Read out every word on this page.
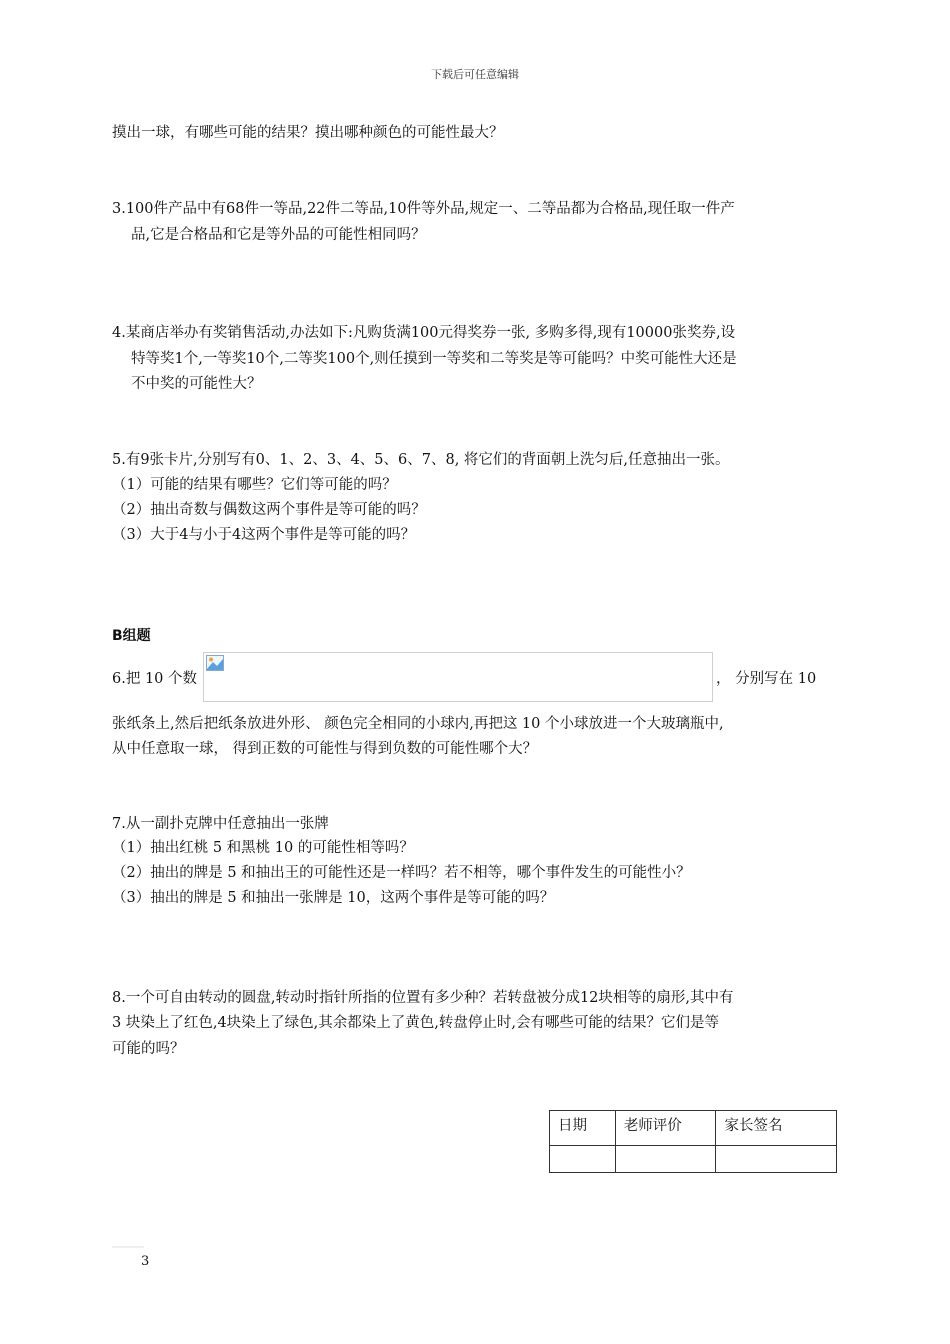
下载后可任意编辑
摸出一球，有哪些可能的结果？摸出哪种颜色的可能性最大？
3.100件产品中有68件一等品,22件二等品,10件等外品,规定一、二等品都为合格品,现任取一件产
品,它是合格品和它是等外品的可能性相同吗？
4.某商店举办有奖销售活动,办法如下:凡购货满100元得奖券一张, 多购多得,现有10000张奖券,设
特等奖1个,一等奖10个,二等奖100个,则任摸到一等奖和二等奖是等可能吗？中奖可能性大还是
不中奖的可能性大？
5.有9张卡片,分别写有0、1、2、3、4、5、6、7、8, 将它们的背面朝上洗匀后,任意抽出一张。
（1）可能的结果有哪些？它们等可能的吗？
（2）抽出奇数与偶数这两个事件是等可能的吗？
（3）大于4与小于4这两个事件是等可能的吗？
B组题
6.把 10 个数	， 分别写在 10
张纸条上,然后把纸条放进外形、 颜色完全相同的小球内,再把这 10 个小球放进一个大玻璃瓶中,
从中任意取一球， 得到正数的可能性与得到负数的可能性哪个大？
7.从一副扑克牌中任意抽出一张牌
（1）抽出红桃 5 和黑桃 10 的可能性相等吗？
（2）抽出的牌是 5 和抽出王的可能性还是一样吗？若不相等，哪个事件发生的可能性小？
（3）抽出的牌是 5 和抽出一张牌是 10，这两个事件是等可能的吗？
8.一个可自由转动的圆盘,转动时指针所指的位置有多少种？若转盘被分成12块相等的扇形,其中有
3 块染上了红色,4块染上了绿色,其余都染上了黄色,转盘停止时,会有哪些可能的结果？它们是等
可能的吗？
日期	老师评价	家长签名

3
